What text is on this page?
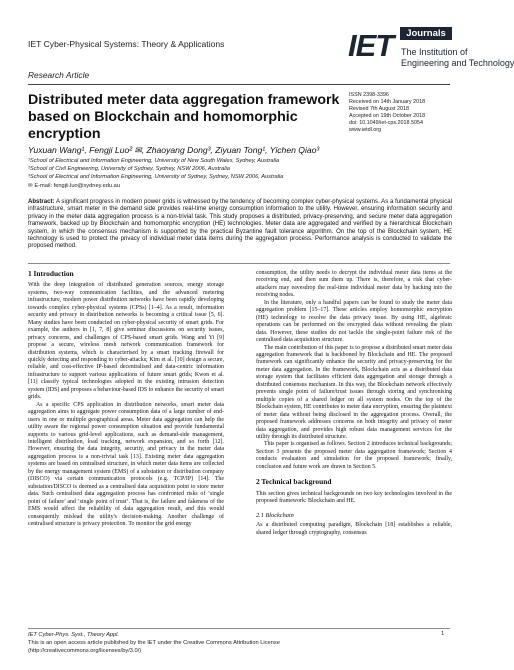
IET Cyber-Physical Systems: Theory & Applications
Research Article
IET	Journals
The Institution of
Engineering and Technology
Distributed meter data aggregation framework based on Blockchain and homomorphic encryption
ISSN 2398-3396
Received on 14th January 2018
Revised 7th August 2018
Accepted on 19th October 2018
doi: 10.1049/iet-cps.2018.5054
www.ietdl.org
Yuxuan Wang¹, Fengji Luo² ✉, Zhaoyang Dong³, Ziyuan Tong¹, Yichen Qiao³
¹School of Electrical and Information Engineering, University of New South Wales, Sydney, Australia
²School of Civil Engineering, University of Sydney, Sydney, NSW 2006, Australia
³School of Electrical and Information Engineering, University of Sydney, Sydney, NSW 2006, Australia
✉ E-mail: fengjii.luo@sydney.edu.au
Abstract: A significant progress in modern power grids is witnessed by the tendency of becoming complex cyber-physical systems. As a fundamental physical infrastructure, smart meter in the demand side provides real-time energy consumption information to the utility. However, ensuring information security and privacy in the meter data aggregation process is a non-trivial task. This study proposes a distributed, privacy-preserving, and secure meter data aggregation framework, backed up by Blockchain and homomorphic encryption (HE) technologies. Meter data are aggregated and verified by a hierarchical Blockchain system, in which the consensus mechanism is supported by the practical Byzantine fault tolerance algorithm. On the top of the Blockchain system, HE technology is used to protect the privacy of individual meter data items during the aggregation process. Performance analysis is conducted to validate the proposed method.
1 Introduction

With the deep integration of distributed generation sources, energy storage systems, two-way communication facilities, and the advanced metering infrastructure, modern power distribution networks have been rapidly developing towards complex cyber-physical systems (CPSs) [1–4]. As a result, information security and privacy in distribution networks is becoming a critical issue [5, 6]. Many studies have been conducted on cyber-physical security of smart grids. For example, the authors in [1, 7, 8] give seminar discussions on security issues, privacy concerns, and challenges of CPS-based smart grids. Wang and Yi [9] propose a secure, wireless mesh network communication framework for distribution systems, which is characterised by a smart tracking firewall for quickly detecting and responding to cyber-attacks; Kim et al. [10] design a secure, reliable, and cost-effective IP-based decentralised and data-centric information infrastructure to support various applications of future smart grids; Kwon et al. [11] classify typical technologies adopted in the existing intrusion detection system (IDS) and proposes a behaviour-based IDS to enhance the security of smart grids.

As a specific CPS application in distribution networks, smart meter data aggregation aims to aggregate power consumption data of a large number of end-users in one or multiple geographical areas. Meter data aggregation can help the utility aware the regional power consumption situation and provide fundamental supports to various grid-level applications, such as demand-side management, intelligent distribution, load tracking, network expansion, and so forth [12]. However, ensuring the data integrity, security, and privacy in the meter data aggregation process is a non-trivial task [13]. Existing meter data aggregation systems are based on centralised structure, in which meter data items are collected by the energy management system (EMS) of a substation or distribution company (DISCO) via certain communication protocols (e.g. TCP/IP) [14]. The substation/DISCO is deemed as a centralised data acquisition point to store meter data. Such centralised data aggregation process has confronted risks of ‘single point of failure’ and ‘single point of trust’. That is, the failure and fakeness of the EMS would affect the reliability of data aggregation result, and this would consequently mislead the utility's decision-making. Another challenge of centralised structure is privacy protection. To monitor the grid energy

consumption, the utility needs to decrypt the individual meter data items at the receiving end, and then sum them up. There is, therefore, a risk that cyber-attackers may eavesdrop the real-time individual meter data by hacking into the receiving nodes.

In the literature, only a handful papers can be found to study the meter data aggregation problem [15–17]. These articles employ homomorphic encryption (HE) technology to resolve the data privacy issue. By using HE, algebraic operations can be performed on the encrypted data without revealing the plain data. However, these studies do not tackle the single-point failure risk of the centralised data acquisition structure.

The main contribution of this paper is to propose a distributed smart meter data aggregation framework that is backboned by Blockchain and HE. The proposed framework can significantly enhance the security and privacy-preserving for the meter data aggregation. In the framework, Blockchain acts as a distributed data storage system that facilitates efficient data aggregation and storage through a distributed consensus mechanism. In this way, the Blockchain network effectively prevents single point of failure/trust issues through storing and synchronising multiple copies of a shared ledger on all system nodes. On the top of the Blockchain system, HE contributes to meter data encryption, ensuring the plaintext of meter data without being disclosed in the aggregation process. Overall, the proposed framework addresses concerns on both integrity and privacy of meter data aggregation, and provides high robust data management services for the utility through its distributed structure.

This paper is organised as follows. Section 2 introduces technical backgrounds; Section 3 presents the proposed meter data aggregation framework; Section 4 conducts evaluation and simulation for the proposed framework; finally, conclusion and future work are drawn in Section 5.

2 Technical background

This section gives technical backgrounds on two key technologies involved in the proposed framework: Blockchain and HE.

2.1 Blockchain

As a distributed computing paradigm, Blockchain [18] establishes a reliable, shared ledger through cryptography, consensus

IET Cyber-Phys. Syst., Theory Appl.
This is an open access article published by the IET under the Creative Commons Attribution License
(http://creativecommons.org/licenses/by/3.0/)
1
